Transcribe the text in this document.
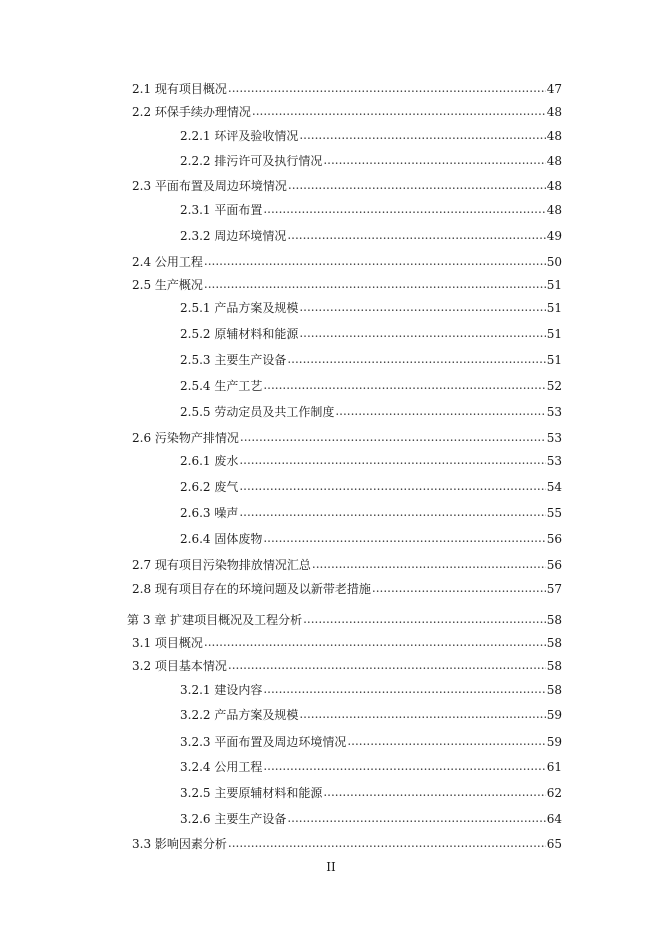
2.1 现有项目概况 .....	47
2.2 环保手续办理情况 .....	48
2.2.1 环评及验收情况 .....	48
2.2.2 排污许可及执行情况 .....	48
2.3 平面布置及周边环境情况 .....	48
2.3.1 平面布置 .....	48
2.3.2 周边环境情况 .....	49
2.4 公用工程 .....	50
2.5 生产概况 .....	51
2.5.1 产品方案及规模 .....	51
2.5.2 原辅材料和能源 .....	51
2.5.3 主要生产设备 .....	51
2.5.4 生产工艺 .....	52
2.5.5 劳动定员及共工作制度 .....	53
2.6 污染物产排情况 .....	53
2.6.1 废水 .....	53
2.6.2 废气 .....	54
2.6.3 噪声 .....	55
2.6.4 固体废物 .....	56
2.7 现有项目污染物排放情况汇总 .....	56
2.8 现有项目存在的环境问题及以新带老措施 .....	57
第 3 章 扩建项目概况及工程分析 .....	58
3.1 项目概况 .....	58
3.2 项目基本情况 .....	58
3.2.1 建设内容 .....	58
3.2.2 产品方案及规模 .....	59
3.2.3 平面布置及周边环境情况 .....	59
3.2.4 公用工程 .....	61
3.2.5 主要原辅材料和能源 .....	62
3.2.6 主要生产设备 .....	64
3.3 影响因素分析 .....	65
II
